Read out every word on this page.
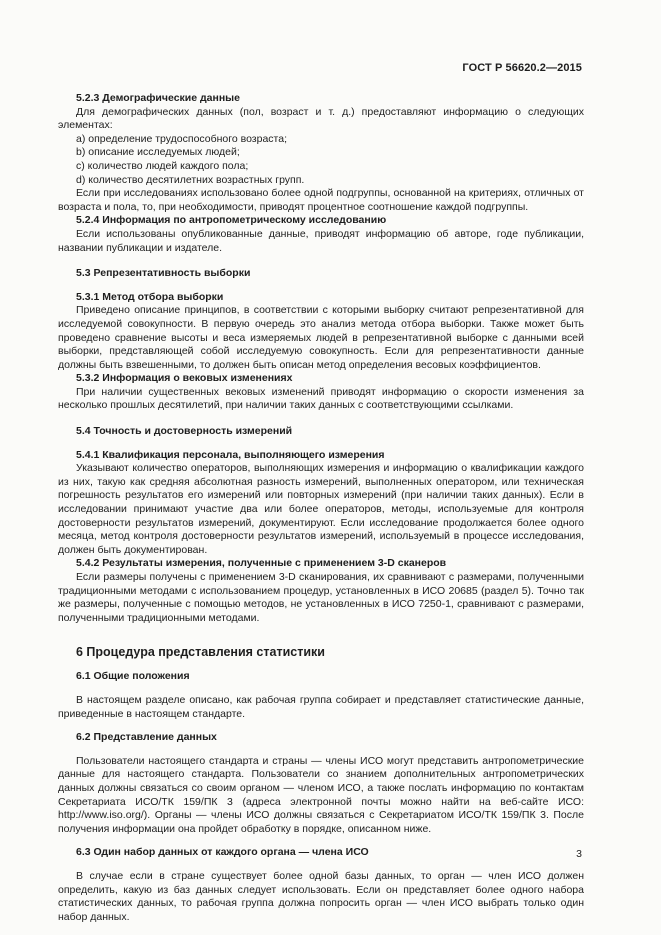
ГОСТ Р 56620.2—2015

5.2.3 Демографические данные

Для демографических данных (пол, возраст и т. д.) предоставляют информацию о следующих элементах:

a) определение трудоспособного возраста;

b) описание исследуемых людей;

c) количество людей каждого пола;

d) количество десятилетних возрастных групп.

Если при исследованиях использовано более одной подгруппы, основанной на критериях, отличных от возраста и пола, то, при необходимости, приводят процентное соотношение каждой подгруппы.

5.2.4 Информация по антропометрическому исследованию

Если использованы опубликованные данные, приводят информацию об авторе, годе публикации, названии публикации и издателе.

5.3 Репрезентативность выборки

5.3.1 Метод отбора выборки

Приведено описание принципов, в соответствии с которыми выборку считают репрезентативной для исследуемой совокупности. В первую очередь это анализ метода отбора выборки. Также может быть проведено сравнение высоты и веса измеряемых людей в репрезентативной выборке с данными всей выборки, представляющей собой исследуемую совокупность. Если для репрезентативности данные должны быть взвешенными, то должен быть описан метод определения весовых коэффициентов.

5.3.2 Информация о вековых изменениях

При наличии существенных вековых изменений приводят информацию о скорости изменения за несколько прошлых десятилетий, при наличии таких данных с соответствующими ссылками.

5.4 Точность и достоверность измерений

5.4.1 Квалификация персонала, выполняющего измерения

Указывают количество операторов, выполняющих измерения и информацию о квалификации каждого из них, такую как средняя абсолютная разность измерений, выполненных оператором, или техническая погрешность результатов его измерений или повторных измерений (при наличии таких данных). Если в исследовании принимают участие два или более операторов, методы, используемые для контроля достоверности результатов измерений, документируют. Если исследование продолжается более одного месяца, метод контроля достоверности результатов измерений, используемый в процессе исследования, должен быть документирован.

5.4.2 Результаты измерения, полученные с применением 3-D сканеров

Если размеры получены с применением 3-D сканирования, их сравнивают с размерами, полученными традиционными методами с использованием процедур, установленных в ИСО 20685 (раздел 5). Точно так же размеры, полученные с помощью методов, не установленных в ИСО 7250-1, сравнивают с размерами, полученными традиционными методами.

6 Процедура представления статистики

6.1 Общие положения

В настоящем разделе описано, как рабочая группа собирает и представляет статистические данные, приведенные в настоящем стандарте.

6.2 Представление данных

Пользователи настоящего стандарта и страны — члены ИСО могут представить антропометрические данные для настоящего стандарта. Пользователи со знанием дополнительных антропометрических данных должны связаться со своим органом — членом ИСО, а также послать информацию по контактам Секретариата ИСО/ТК 159/ПК 3 (адреса электронной почты можно найти на веб-сайте ИСО: http://www.iso.org/). Органы — члены ИСО должны связаться с Секретариатом ИСО/ТК 159/ПК 3. После получения информации она пройдет обработку в порядке, описанном ниже.

6.3 Один набор данных от каждого органа — члена ИСО

В случае если в стране существует более одной базы данных, то орган — член ИСО должен определить, какую из баз данных следует использовать. Если он представляет более одного набора статистических данных, то рабочая группа должна попросить орган — член ИСО выбрать только один набор данных.

3
